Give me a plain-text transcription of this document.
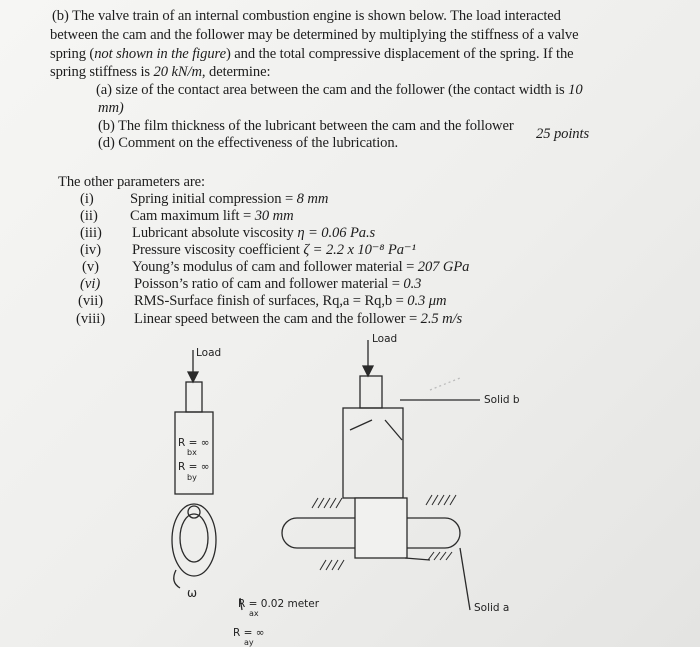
(b) The valve train of an internal combustion engine is shown below. The load interacted
between the cam and the follower may be determined by multiplying the stiffness of a valve
spring (not shown in the figure) and the total compressive displacement of the spring. If the
spring stiffness is 20 kN/m, determine:
(a) size of the contact area between the cam and the follower (the contact width is 10
mm)
(b) The film thickness of the lubricant between the cam and the follower
(d) Comment on the effectiveness of the lubrication.
25 points
The other parameters are:
(i) Spring initial compression = 8 mm
(ii) Cam maximum lift = 30 mm
(iii) Lubricant absolute viscosity η = 0.06 Pa.s
(iv) Pressure viscosity coefficient ζ = 2.2 x 10⁻⁸ Pa⁻¹
(v) Young’s modulus of cam and follower material = 207 GPa
(vi) Poisson’s ratio of cam and follower material = 0.3
(vii) RMS-Surface finish of surfaces, Rq,a = Rq,b = 0.3 μm
(viii) Linear speed between the cam and the follower = 2.5 m/s
Load
Load
R = ∞
bx
R = ∞
by
ω
R = 0.02 meter
ax
R = ∞
ay
Solid b
Solid a
